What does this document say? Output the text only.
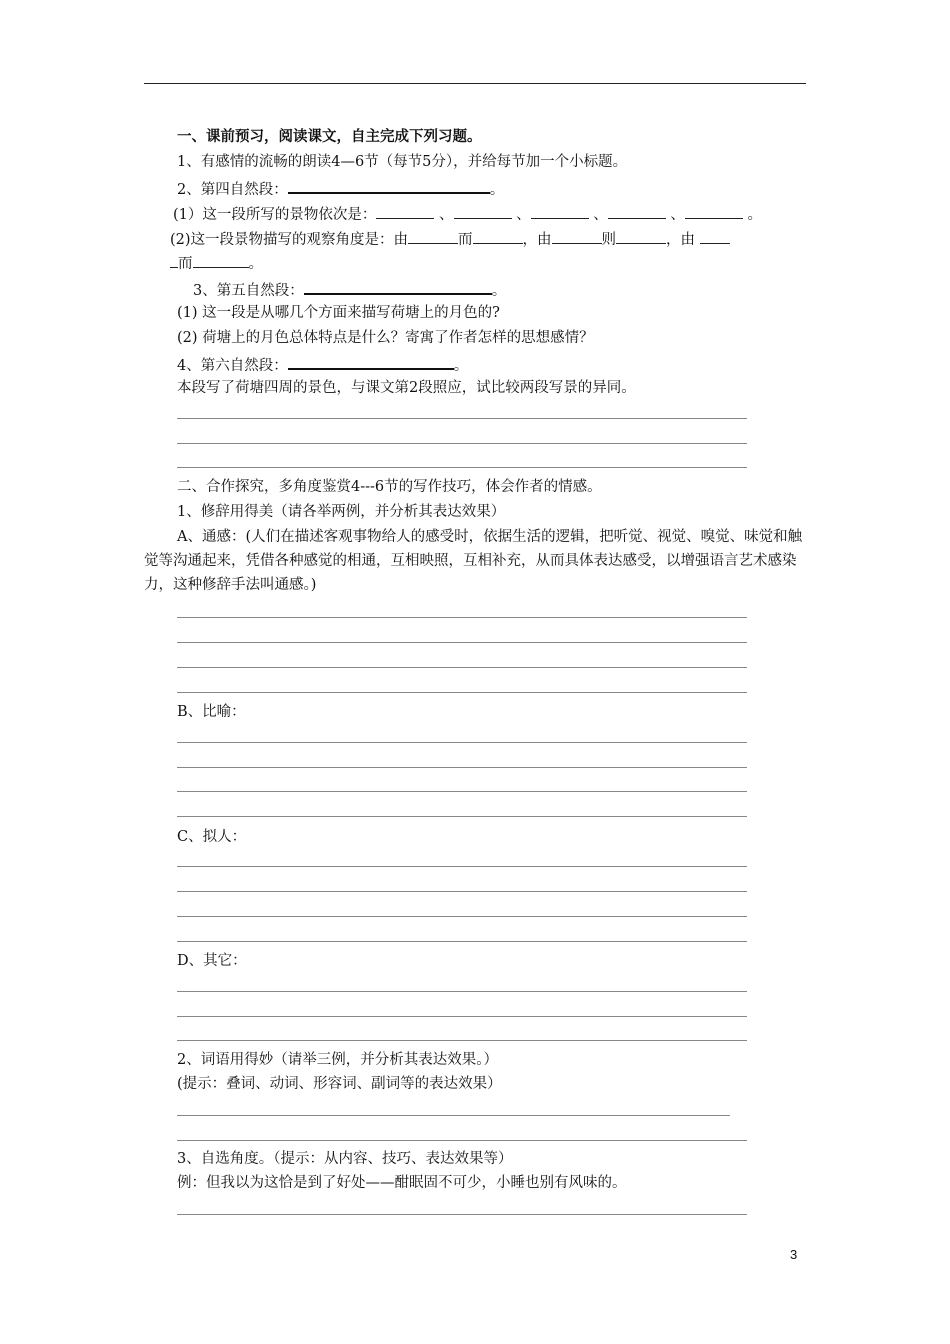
一、课前预习，阅读课文，自主完成下列习题。
1、有感情的流畅的朗读4—6节（每节5分），并给每节加一个小标题。
2、第四自然段：	。
(1）这一段所写的景物依次是：	、	、	、	、	。
(2)这一段景物描写的观察角度是：由	而	，由	则	，由
而	。
3、第五自然段：	。
(1) 这一段是从哪几个方面来描写荷塘上的月色的?
(2) 荷塘上的月色总体特点是什么？寄寓了作者怎样的思想感情？
4、第六自然段：	。
本段写了荷塘四周的景色，与课文第2段照应，试比较两段写景的异同。
二、合作探究，多角度鉴赏4---6节的写作技巧，体会作者的情感。
1、修辞用得美（请各举两例，并分析其表达效果）
A、通感：(人们在描述客观事物给人的感受时，依据生活的逻辑，把听觉、视觉、嗅觉、味觉和触觉等沟通起来，凭借各种感觉的相通，互相映照，互相补充，从而具体表达感受，以增强语言艺术感染力，这种修辞手法叫通感。)
B、比喻：
C、拟人：
D、其它：
2、词语用得妙（请举三例，并分析其表达效果。）
(提示：叠词、动词、形容词、副词等的表达效果）
3、自选角度。（提示：从内容、技巧、表达效果等）
例：但我以为这恰是到了好处——酣眠固不可少，小睡也别有风味的。
3
